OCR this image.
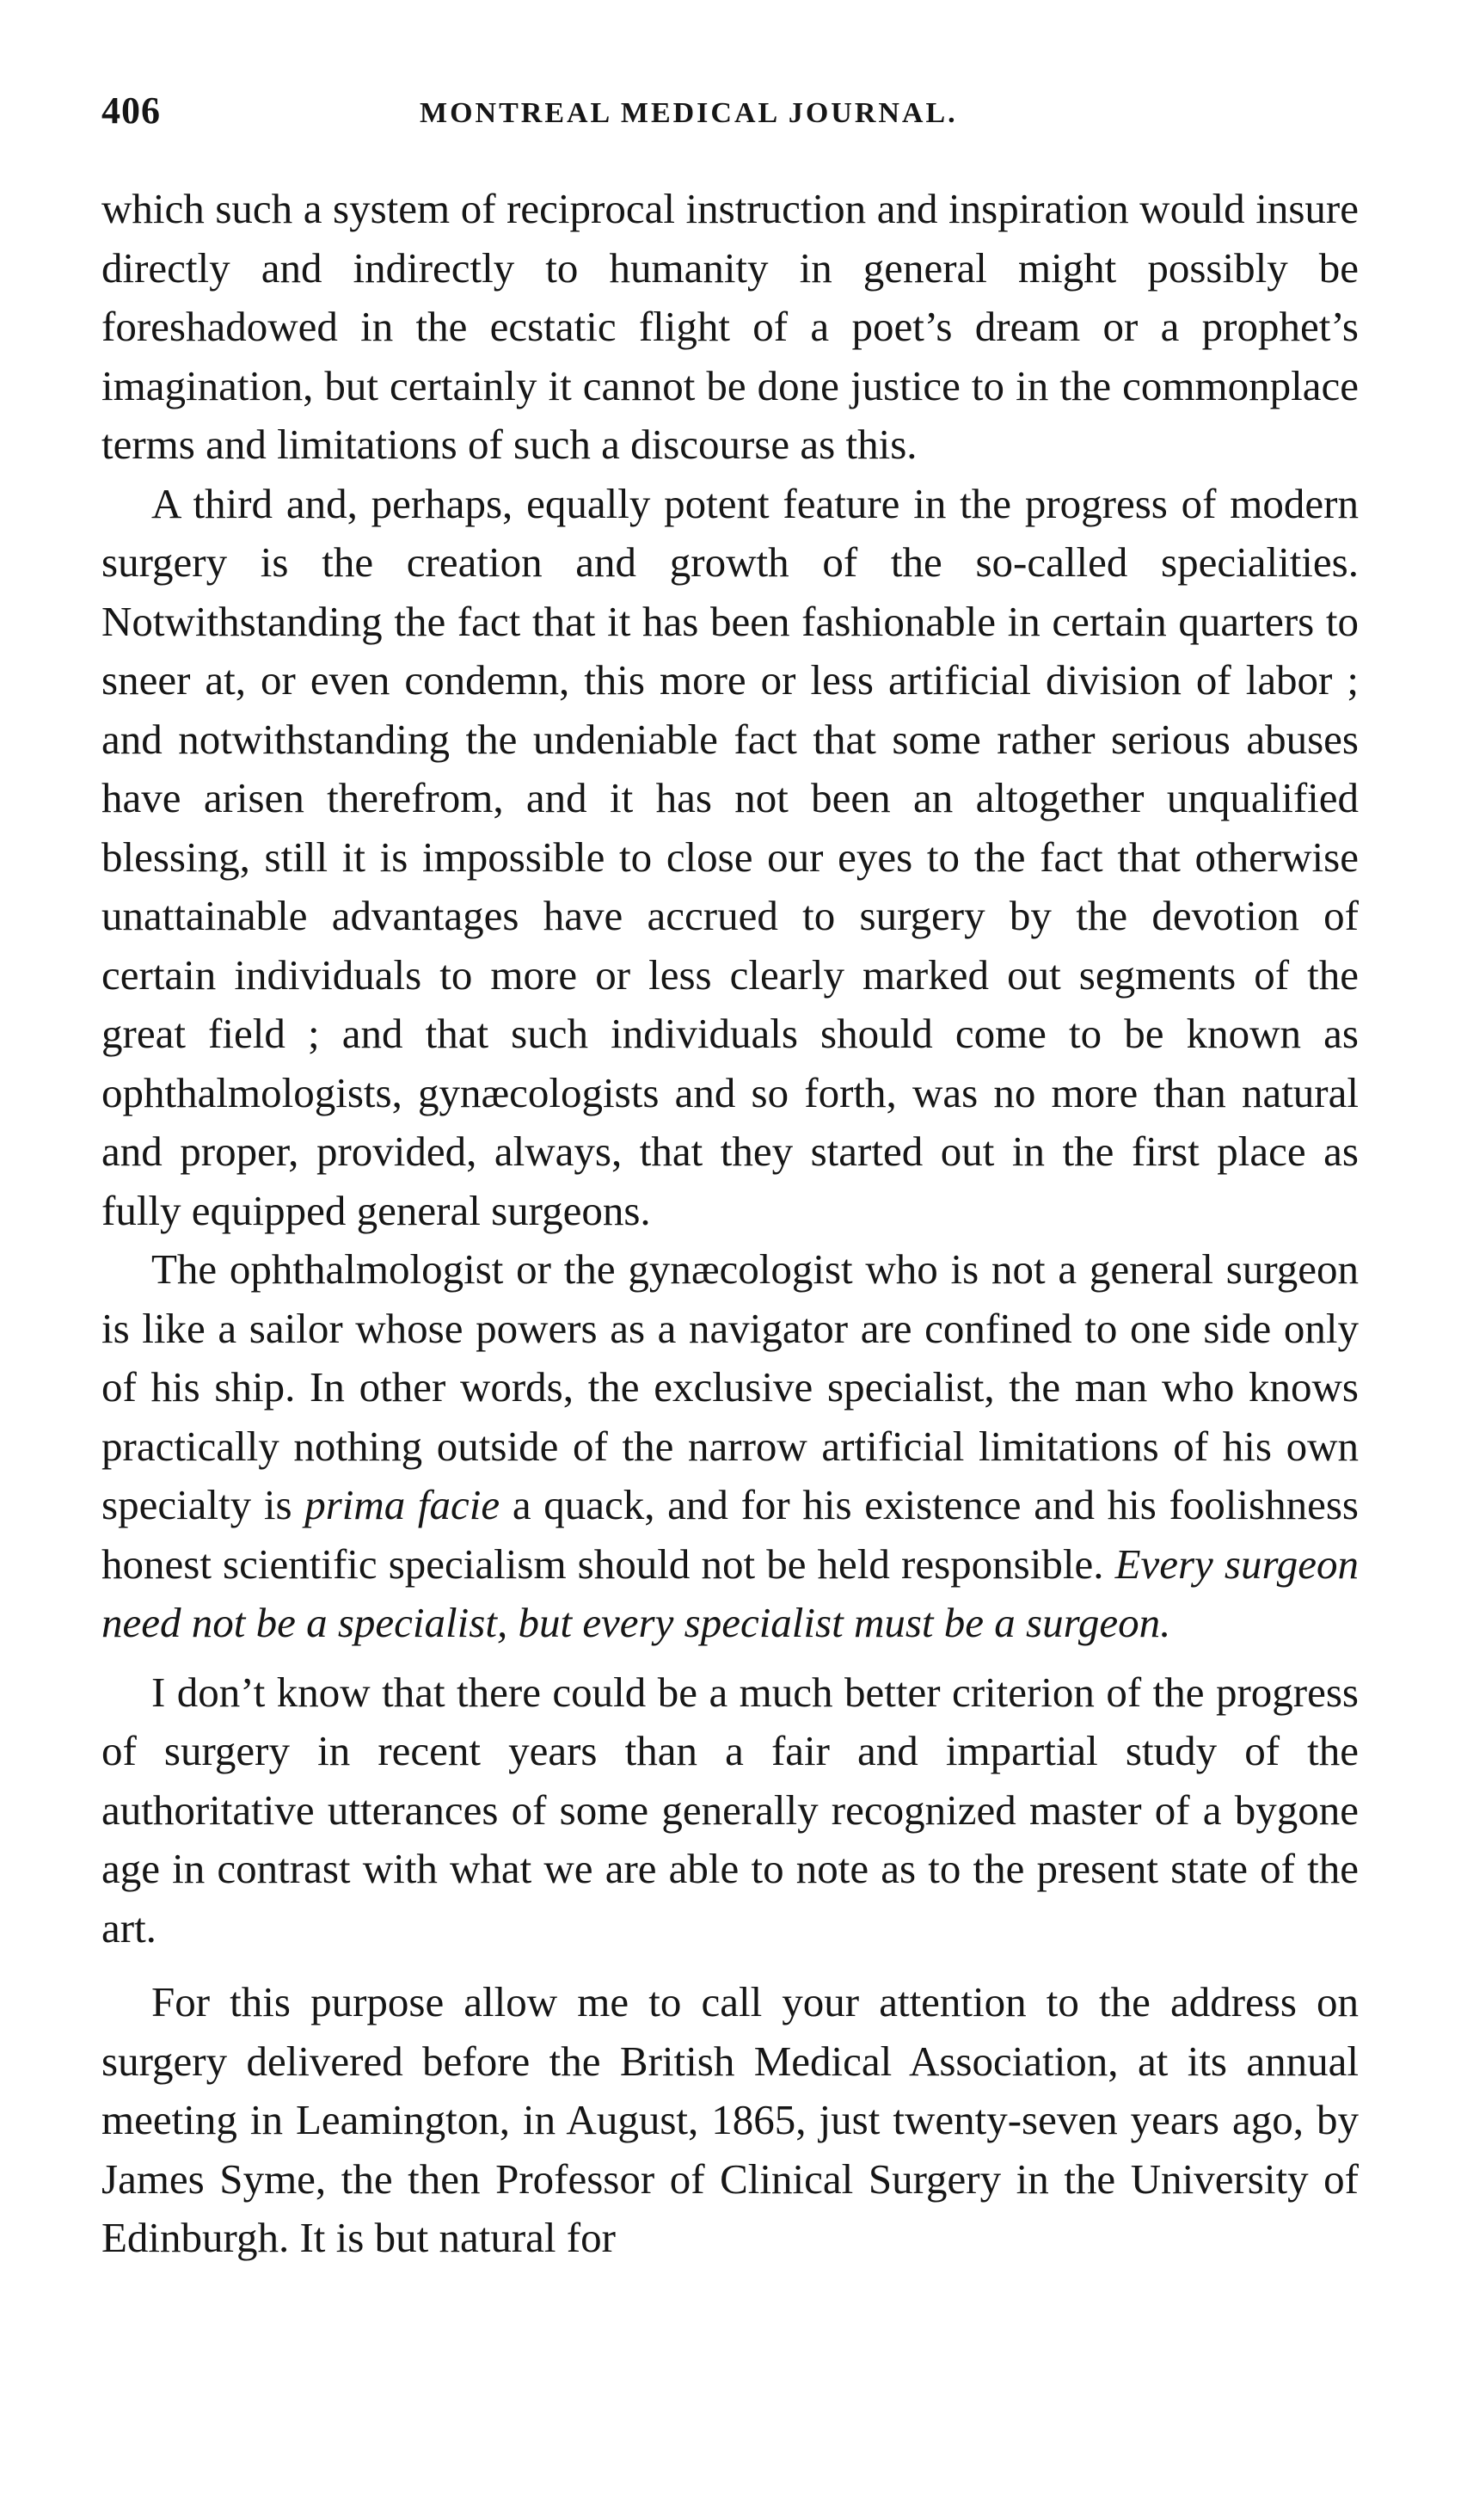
406	MONTREAL MEDICAL JOURNAL.

which such a system of reciprocal instruction and inspiration would insure directly and indirectly to humanity in general might possibly be foreshadowed in the ecstatic flight of a poet’s dream or a prophet’s imagination, but certainly it cannot be done justice to in the commonplace terms and limitations of such a discourse as this.

A third and, perhaps, equally potent feature in the progress of modern surgery is the creation and growth of the so-called specialities. Notwithstanding the fact that it has been fashionable in certain quarters to sneer at, or even condemn, this more or less artificial division of labor ; and notwithstanding the undeniable fact that some rather serious abuses have arisen therefrom, and it has not been an altogether unqualified blessing, still it is impossible to close our eyes to the fact that otherwise unattainable advantages have accrued to surgery by the devotion of certain individuals to more or less clearly marked out segments of the great field ; and that such individuals should come to be known as ophthalmologists, gynæcologists and so forth, was no more than natural and proper, provided, always, that they started out in the first place as fully equipped general surgeons.

The ophthalmologist or the gynæcologist who is not a general surgeon is like a sailor whose powers as a navigator are confined to one side only of his ship. In other words, the exclusive specialist, the man who knows practically nothing outside of the narrow artificial limitations of his own specialty is prima facie a quack, and for his existence and his foolishness honest scientific specialism should not be held responsible. Every surgeon need not be a specialist, but every specialist must be a surgeon.

I don’t know that there could be a much better criterion of the progress of surgery in recent years than a fair and impartial study of the authoritative utterances of some generally recognized master of a bygone age in contrast with what we are able to note as to the present state of the art.

For this purpose allow me to call your attention to the address on surgery delivered before the British Medical Association, at its annual meeting in Leamington, in August, 1865, just twenty-seven years ago, by James Syme, the then Professor of Clinical Surgery in the University of Edinburgh. It is but natural for
